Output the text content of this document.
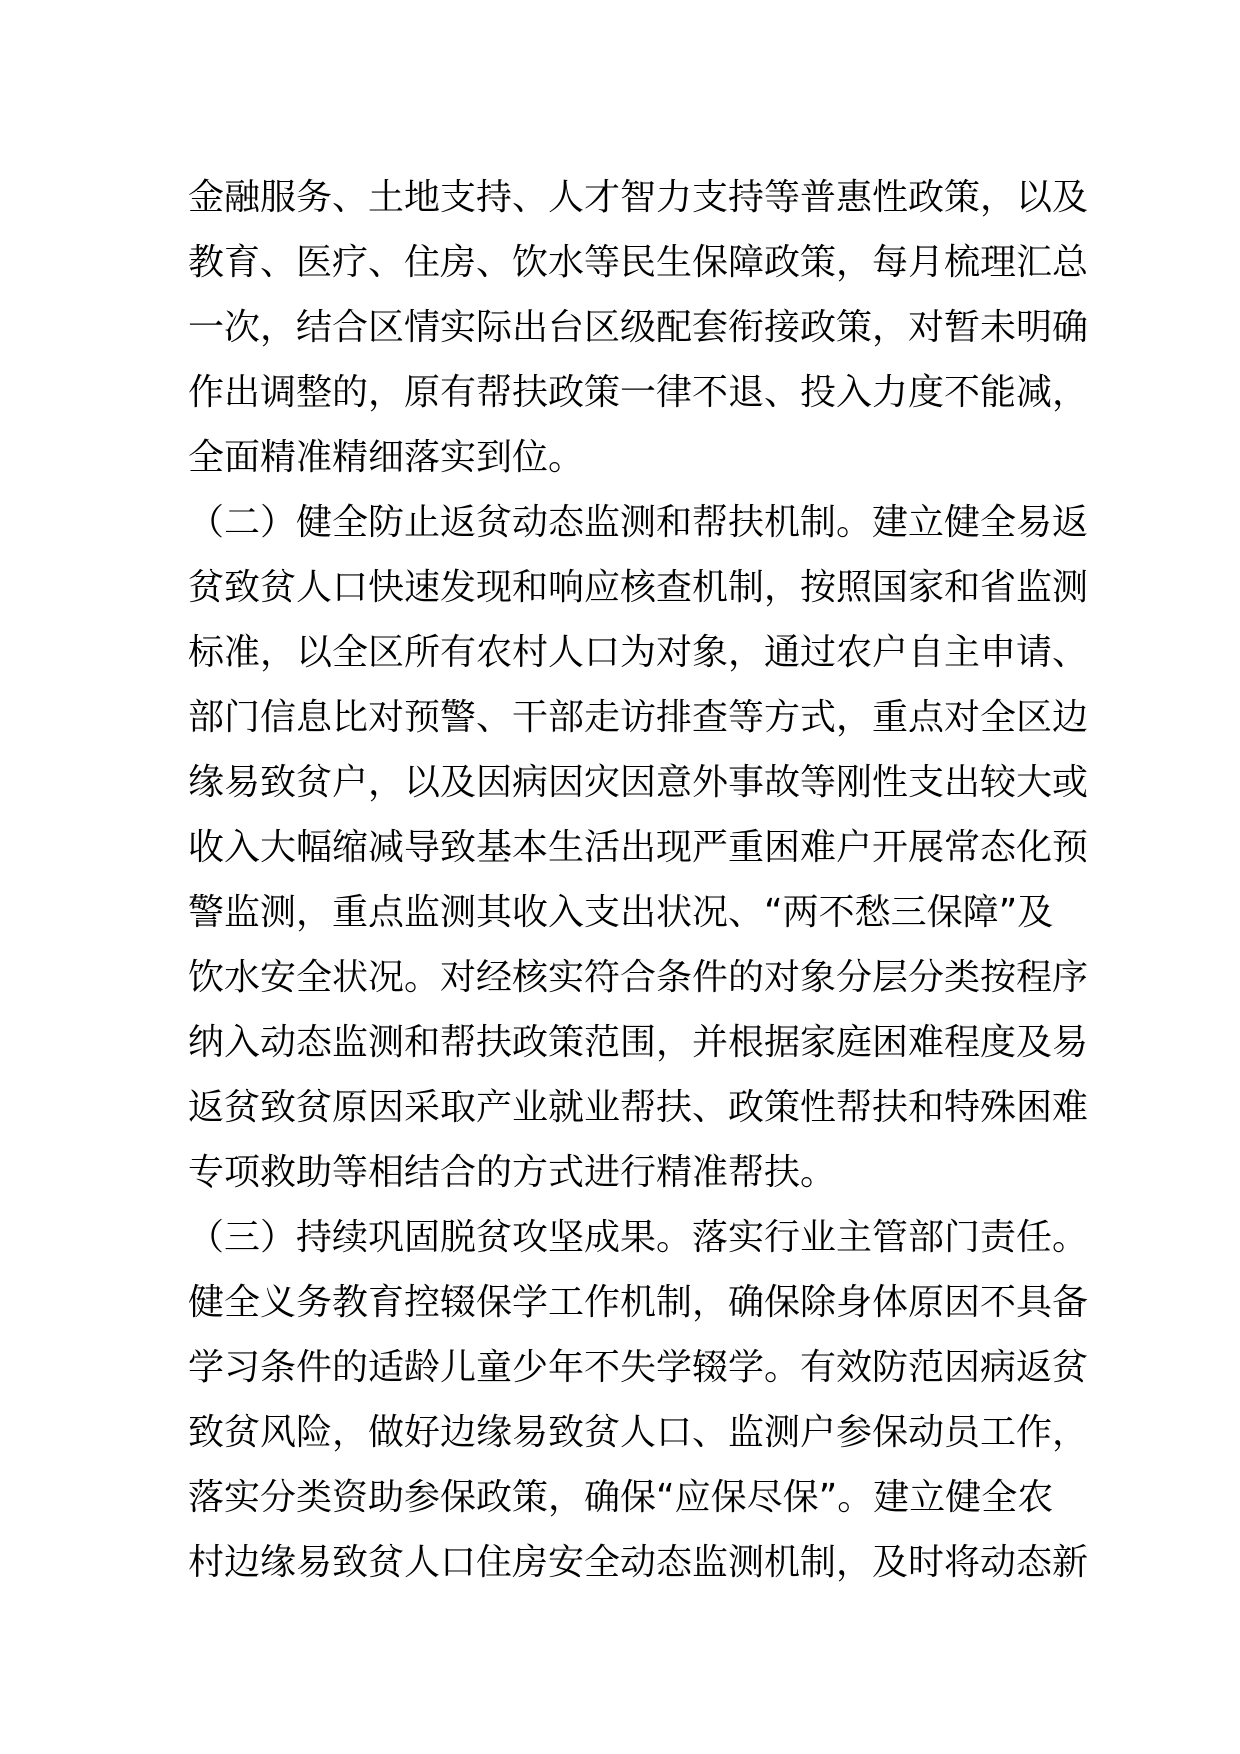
金融服务、土地支持、人才智力支持等普惠性政策，以及
教育、医疗、住房、饮水等民生保障政策，每月梳理汇总
一次，结合区情实际出台区级配套衔接政策，对暂未明确
作出调整的，原有帮扶政策一律不退、投入力度不能减，
全面精准精细落实到位。
（二）健全防止返贫动态监测和帮扶机制。建立健全易返
贫致贫人口快速发现和响应核查机制，按照国家和省监测
标准，以全区所有农村人口为对象，通过农户自主申请、
部门信息比对预警、干部走访排查等方式，重点对全区边
缘易致贫户，以及因病因灾因意外事故等刚性支出较大或
收入大幅缩减导致基本生活出现严重困难户开展常态化预
警监测，重点监测其收入支出状况、“两不愁三保障”及
饮水安全状况。对经核实符合条件的对象分层分类按程序
纳入动态监测和帮扶政策范围，并根据家庭困难程度及易
返贫致贫原因采取产业就业帮扶、政策性帮扶和特殊困难
专项救助等相结合的方式进行精准帮扶。
（三）持续巩固脱贫攻坚成果。落实行业主管部门责任。
健全义务教育控辍保学工作机制，确保除身体原因不具备
学习条件的适龄儿童少年不失学辍学。有效防范因病返贫
致贫风险，做好边缘易致贫人口、监测户参保动员工作，
落实分类资助参保政策，确保“应保尽保”。建立健全农
村边缘易致贫人口住房安全动态监测机制，及时将动态新
